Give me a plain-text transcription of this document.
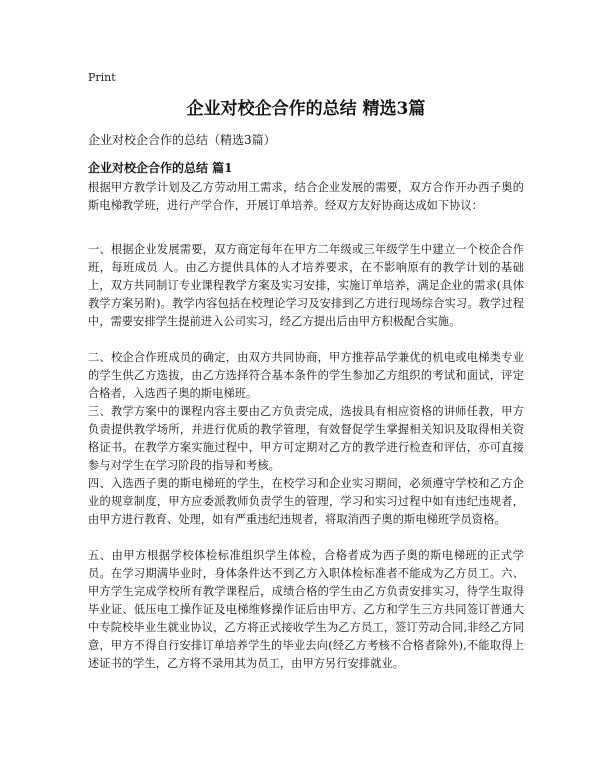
Print
企业对校企合作的总结 精选3篇
企业对校企合作的总结（精选3篇）
企业对校企合作的总结 篇1

根据甲方教学计划及乙方劳动用工需求，结合企业发展的需要，双方合作开办西子奥的斯电梯教学班，进行产学合作，开展订单培养。经双方友好协商达成如下协议：

一、根据企业发展需要，双方商定每年在甲方二年级或三年级学生中建立一个校企合作班，每班成员 人。由乙方提供具体的人才培养要求，在不影响原有的教学计划的基础上，双方共同制订专业课程教学方案及实习安排，实施订单培养，满足企业的需求(具体教学方案另附)。教学内容包括在校理论学习及安排到乙方进行现场综合实习。教学过程中，需要安排学生提前进入公司实习，经乙方提出后由甲方积极配合实施。

二、校企合作班成员的确定，由双方共同协商，甲方推荐品学兼优的机电或电梯类专业的学生供乙方选拔，由乙方选择符合基本条件的学生参加乙方组织的考试和面试，评定合格者，入选西子奥的斯电梯班。

三、教学方案中的课程内容主要由乙方负责完成，选拔具有相应资格的讲师任教，甲方负责提供教学场所，并进行优质的教学管理，有效督促学生掌握相关知识及取得相关资格证书。在教学方案实施过程中，甲方可定期对乙方的教学进行检查和评估，亦可直接参与对学生在学习阶段的指导和考核。

四、入选西子奥的斯电梯班的学生，在校学习和企业实习期间，必须遵守学校和乙方企业的规章制度，甲方应委派教师负责学生的管理，学习和实习过程中如有违纪违规者，由甲方进行教育、处理，如有严重违纪违规者，将取消西子奥的斯电梯班学员资格。

五、由甲方根据学校体检标准组织学生体检，合格者成为西子奥的斯电梯班的正式学员。在学习期满毕业时，身体条件达不到乙方入职体检标准者不能成为乙方员工。六、甲方学生完成学校所有教学课程后，成绩合格的学生由乙方负责安排实习，待学生取得毕业证、低压电工操作证及电梯维修操作证后由甲方、乙方和学生三方共同签订普通大中专院校毕业生就业协议，乙方将正式接收学生为乙方员工，签订劳动合同,非经乙方同意，甲方不得自行安排订单培养学生的毕业去向(经乙方考核不合格者除外),不能取得上述证书的学生，乙方将不录用其为员工，由甲方另行安排就业。
